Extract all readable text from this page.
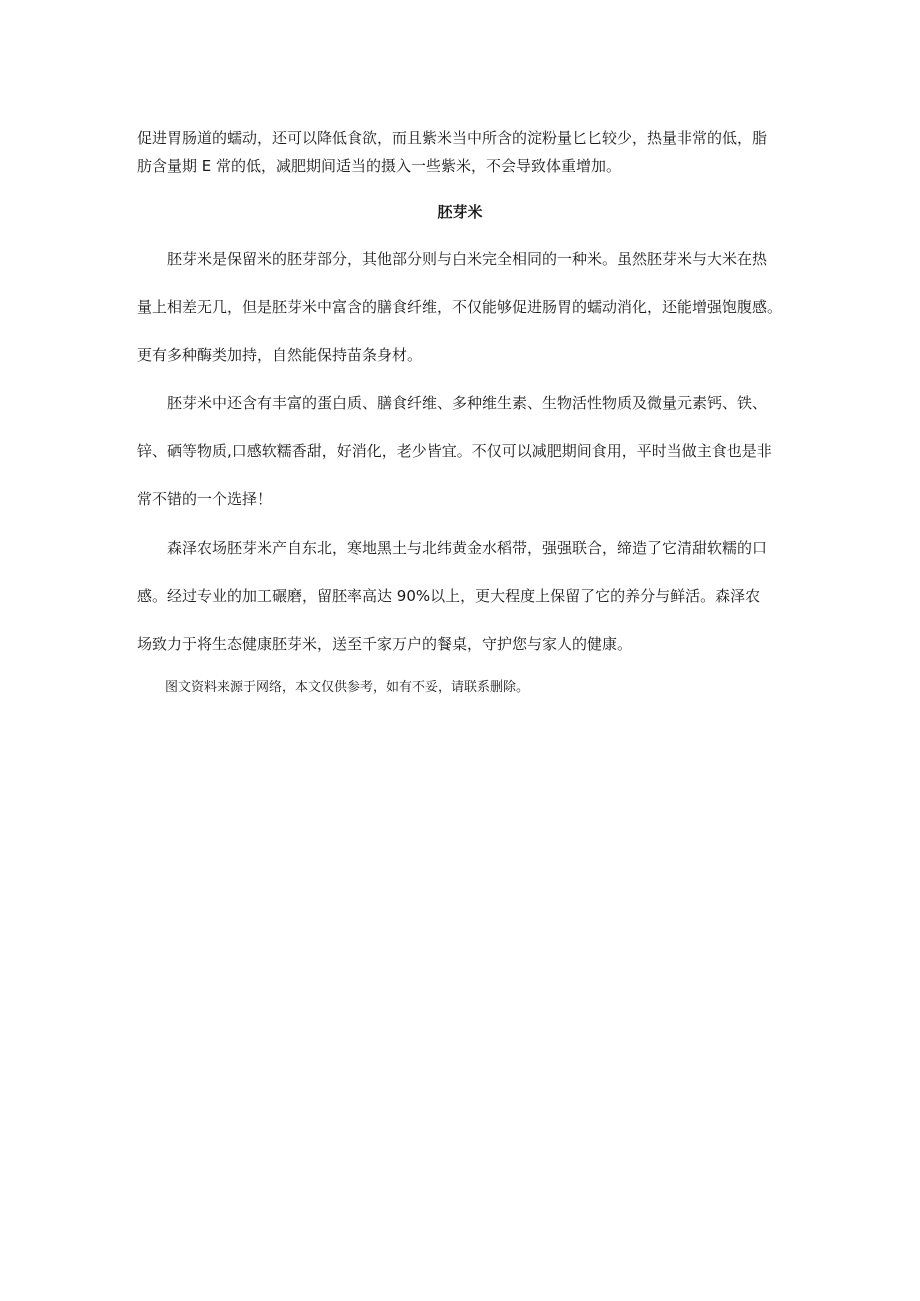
促进胃肠道的蠕动，还可以降低食欲，而且紫米当中所含的淀粉量匕匕较少，热量非常的低，脂
肪含量期 E 常的低，减肥期间适当的摄入一些紫米，不会导致体重增加。
胚芽米
胚芽米是保留米的胚芽部分，其他部分则与白米完全相同的一种米。虽然胚芽米与大米在热
量上相差无几，但是胚芽米中富含的膳食纤维，不仅能够促进肠胃的蠕动消化，还能增强饱腹感。
更有多种酶类加持，自然能保持苗条身材。
胚芽米中还含有丰富的蛋白质、膳食纤维、多种维生素、生物活性物质及微量元素钙、铁、
锌、硒等物质,口感软糯香甜，好消化，老少皆宜。不仅可以减肥期间食用，平时当做主食也是非
常不错的一个选择！
森泽农场胚芽米产自东北，寒地黑土与北纬黄金水稻带，强强联合，缔造了它清甜软糯的口
感。经过专业的加工碾磨，留胚率高达 90%以上，更大程度上保留了它的养分与鲜活。森泽农
场致力于将生态健康胚芽米，送至千家万户的餐桌，守护您与家人的健康。
图文资料来源于网络，本文仅供参考，如有不妥，请联系删除。
